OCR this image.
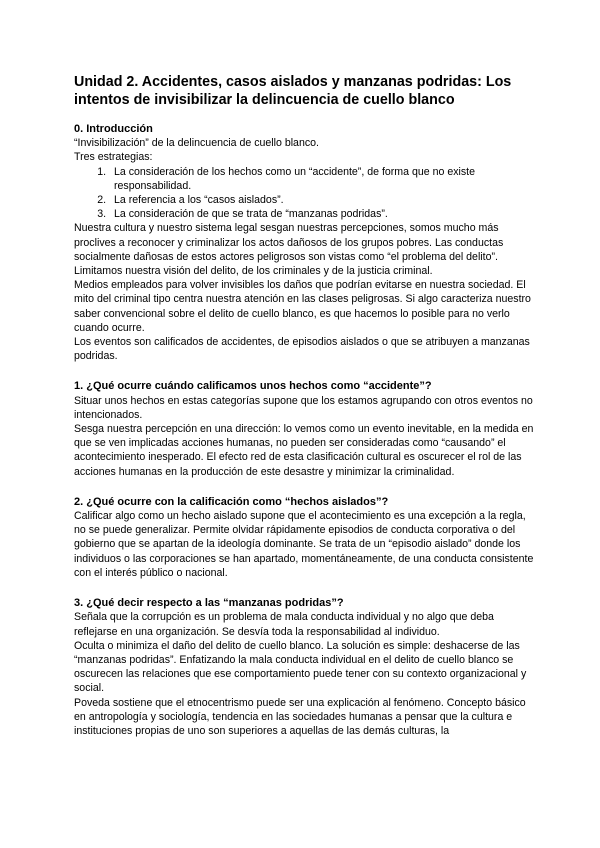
Unidad 2. Accidentes, casos aislados y manzanas podridas: Los intentos de invisibilizar la delincuencia de cuello blanco
0. Introducción

“Invisibilización” de la delincuencia de cuello blanco.

Tres estrategias:

1. La consideración de los hechos como un “accidente”, de forma que no existe responsabilidad.
2. La referencia a los “casos aislados”.
3. La consideración de que se trata de “manzanas podridas”.

Nuestra cultura y nuestro sistema legal sesgan nuestras percepciones, somos mucho más proclives a reconocer y criminalizar los actos dañosos de los grupos pobres. Las conductas socialmente dañosas de estos actores peligrosos son vistas como “el problema del delito”.

Limitamos nuestra visión del delito, de los criminales y de la justicia criminal.

Medios empleados para volver invisibles los daños que podrían evitarse en nuestra sociedad. El mito del criminal tipo centra nuestra atención en las clases peligrosas. Si algo caracteriza nuestro saber convencional sobre el delito de cuello blanco, es que hacemos lo posible para no verlo cuando ocurre.

Los eventos son calificados de accidentes, de episodios aislados o que se atribuyen a manzanas podridas.

1. ¿Qué ocurre cuándo calificamos unos hechos como “accidente”?

Situar unos hechos en estas categorías supone que los estamos agrupando con otros eventos no intencionados.

Sesga nuestra percepción en una dirección: lo vemos como un evento inevitable, en la medida en que se ven implicadas acciones humanas, no pueden ser consideradas como “causando” el acontecimiento inesperado. El efecto red de esta clasificación cultural es oscurecer el rol de las acciones humanas en la producción de este desastre y minimizar la criminalidad.

2. ¿Qué ocurre con la calificación como “hechos aislados”?

Calificar algo como un hecho aislado supone que el acontecimiento es una excepción a la regla, no se puede generalizar. Permite olvidar rápidamente episodios de conducta corporativa o del gobierno que se apartan de la ideología dominante. Se trata de un “episodio aislado” donde los individuos o las corporaciones se han apartado, momentáneamente, de una conducta consistente con el interés público o nacional.

3. ¿Qué decir respecto a las “manzanas podridas”?

Señala que la corrupción es un problema de mala conducta individual y no algo que deba reflejarse en una organización. Se desvía toda la responsabilidad al individuo.

Oculta o minimiza el daño del delito de cuello blanco. La solución es simple: deshacerse de las “manzanas podridas”. Enfatizando la mala conducta individual en el delito de cuello blanco se oscurecen las relaciones que ese comportamiento puede tener con su contexto organizacional y social.

Poveda sostiene que el etnocentrismo puede ser una explicación al fenómeno. Concepto básico en antropología y sociología, tendencia en las sociedades humanas a pensar que la cultura e instituciones propias de uno son superiores a aquellas de las demás culturas, la
